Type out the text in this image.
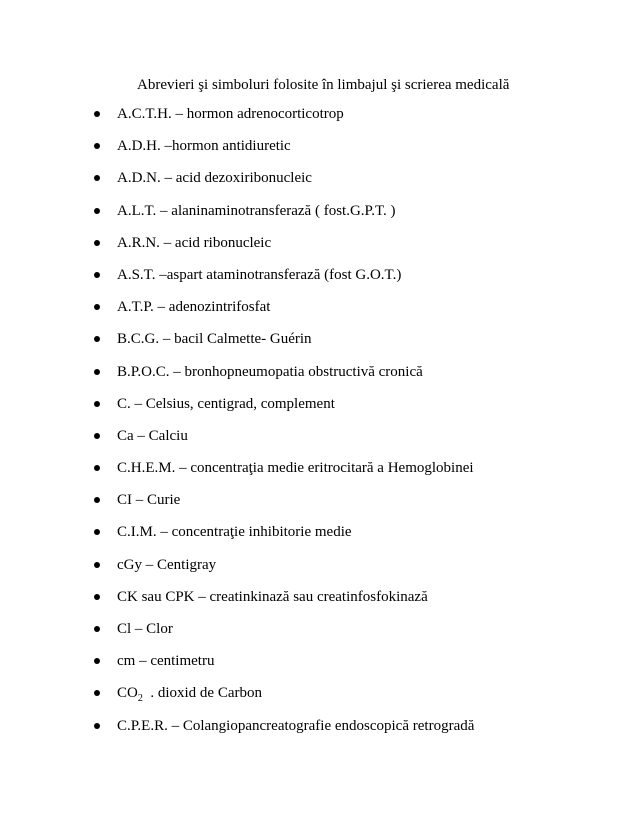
Abrevieri şi simboluri folosite în limbajul şi scrierea medicală
A.C.T.H. – hormon adrenocorticotrop
A.D.H. –hormon antidiuretic
A.D.N. – acid dezoxiribonucleic
A.L.T. – alaninaminotransferază ( fost.G.P.T. )
A.R.N. – acid ribonucleic
A.S.T. –aspart ataminotransferază (fost G.O.T.)
A.T.P. – adenozintrifosfat
B.C.G. – bacil Calmette- Guérin
B.P.O.C. – bronhopneumopatia obstructivă cronică
C. – Celsius, centigrad, complement
Ca – Calciu
C.H.E.M. – concentraţia medie eritrocitară a Hemoglobinei
CI – Curie
C.I.M. – concentraţie inhibitorie medie
cGy – Centigray
CK sau CPK – creatinkinază sau creatinfosfokinază
Cl – Clor
cm – centimetru
$CO_2$  . dioxid de Carbon
C.P.E.R. – Colangiopancreatografie endoscopică retrogradă
